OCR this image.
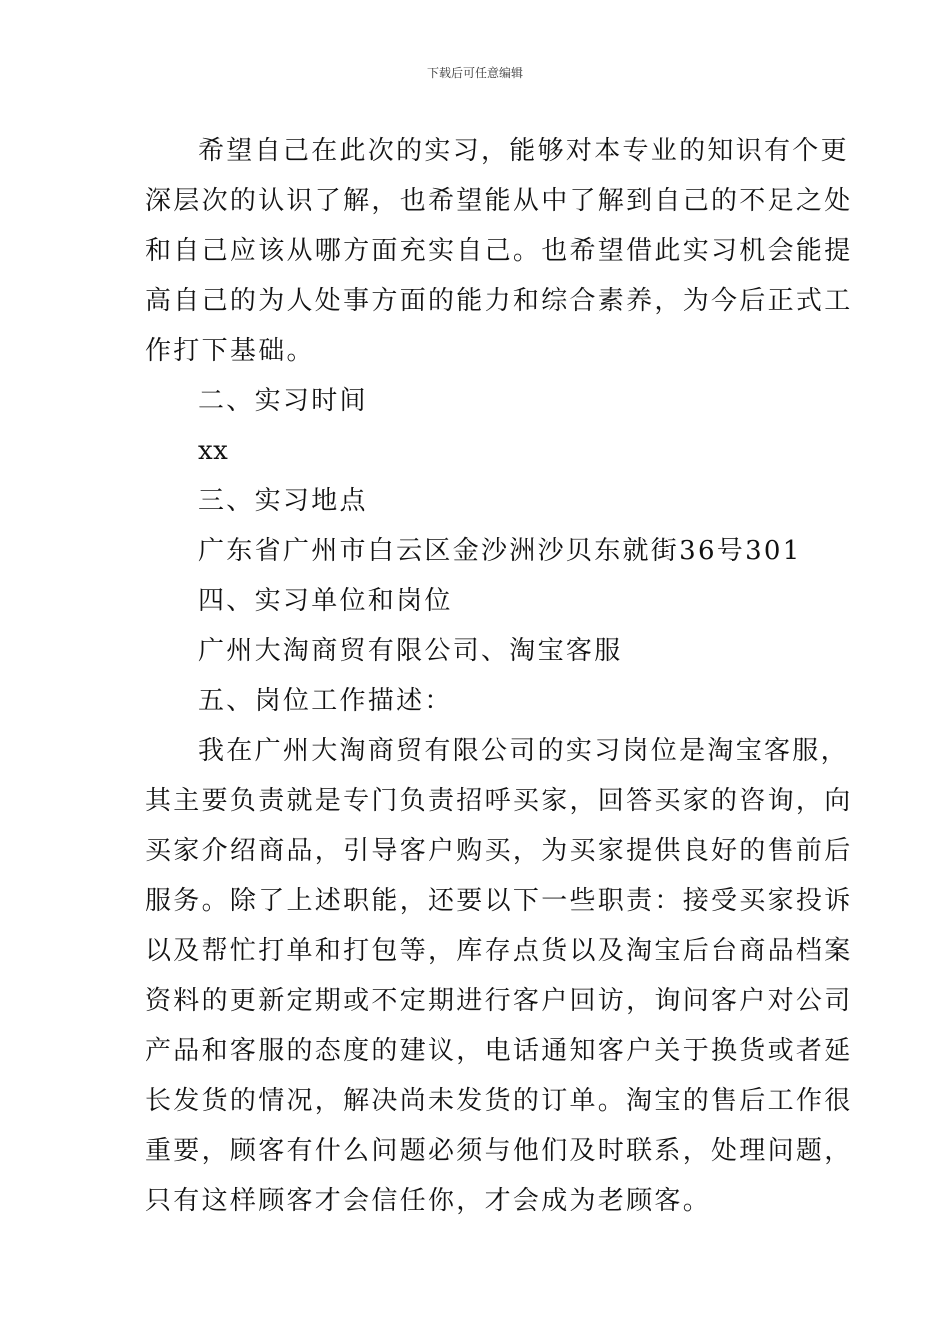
下载后可任意编辑
希望自己在此次的实习，能够对本专业的知识有个更
深层次的认识了解，也希望能从中了解到自己的不足之处
和自己应该从哪方面充实自己。也希望借此实习机会能提
高自己的为人处事方面的能力和综合素养，为今后正式工
作打下基础。
二、实习时间
xx
三、实习地点
广东省广州市白云区金沙洲沙贝东就街36号301
四、实习单位和岗位
广州大淘商贸有限公司、淘宝客服
五、岗位工作描述：
我在广州大淘商贸有限公司的实习岗位是淘宝客服，
其主要负责就是专门负责招呼买家，回答买家的咨询，向
买家介绍商品，引导客户购买，为买家提供良好的售前后
服务。除了上述职能，还要以下一些职责：接受买家投诉
以及帮忙打单和打包等，库存点货以及淘宝后台商品档案
资料的更新定期或不定期进行客户回访，询问客户对公司
产品和客服的态度的建议，电话通知客户关于换货或者延
长发货的情况，解决尚未发货的订单。淘宝的售后工作很
重要，顾客有什么问题必须与他们及时联系，处理问题，
只有这样顾客才会信任你，才会成为老顾客。
